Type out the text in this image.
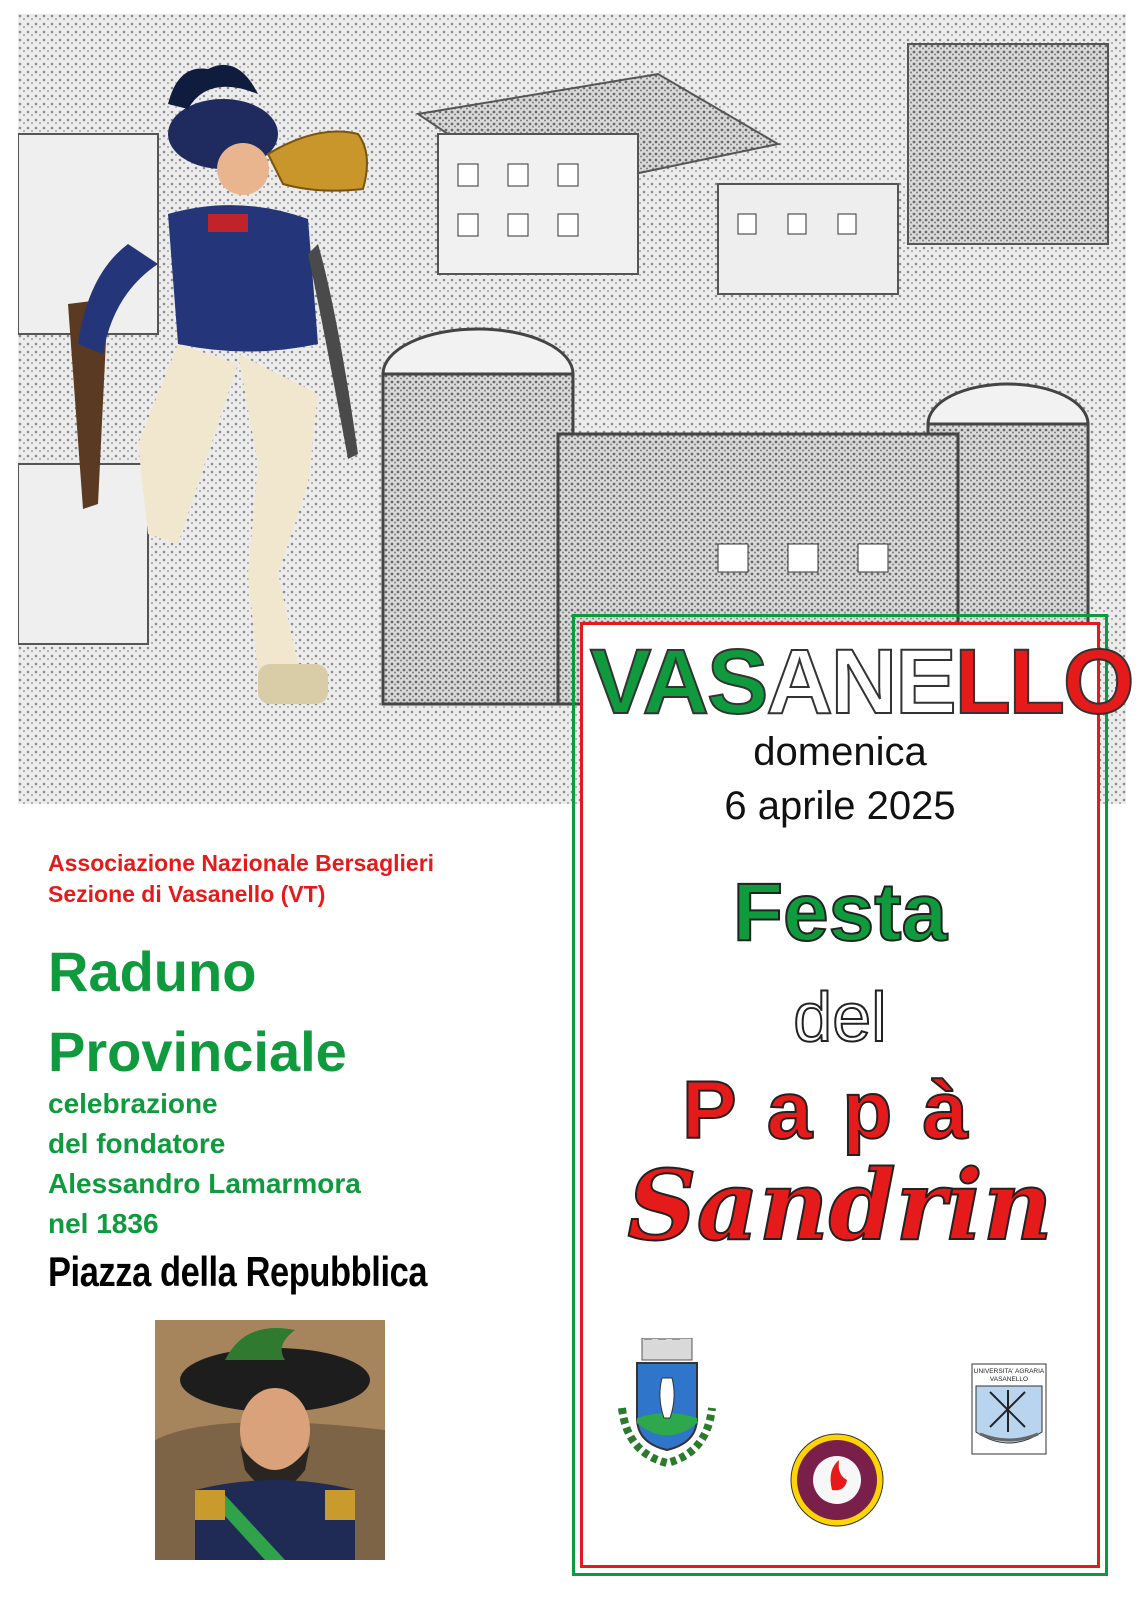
VASANELLO
domenica
6 aprile 2025
Festa
del
Papà
Sandrin
UNIVERSITA' AGRARIA
VASANELLO
Associazione Nazionale Bersaglieri
Sezione di Vasanello (VT)
Raduno
Provinciale
celebrazione
del fondatore
Alessandro Lamarmora
nel 1836
Piazza della Repubblica
